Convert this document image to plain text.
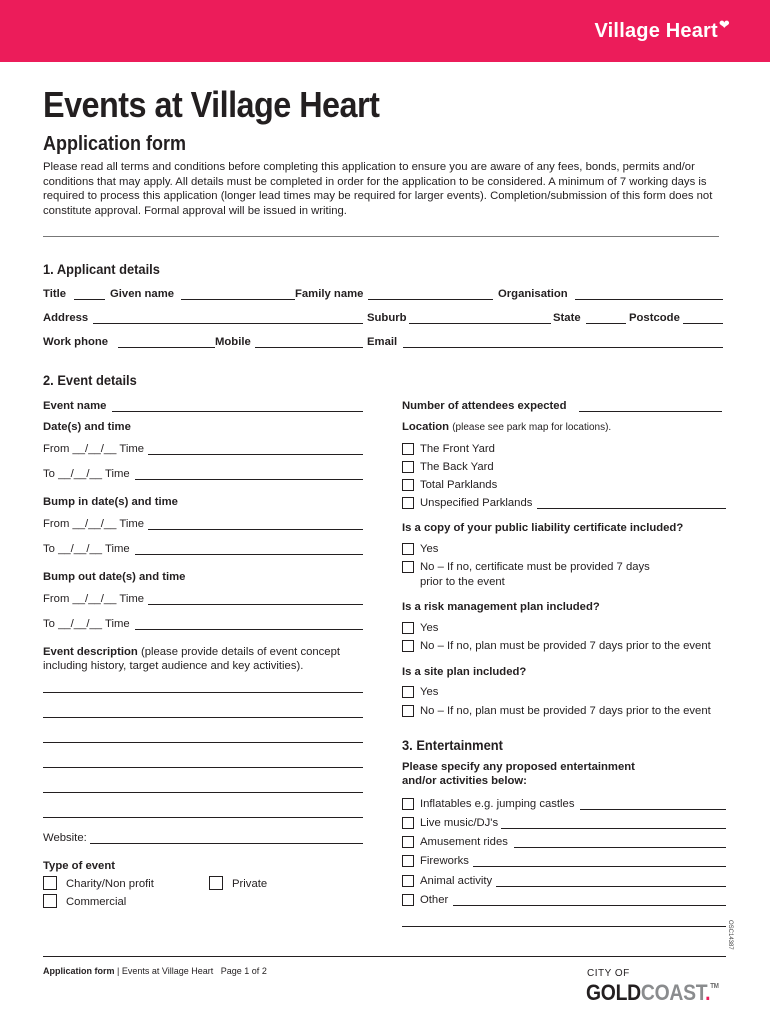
Village Heart❤
Events at Village Heart
Application form

Please read all terms and conditions before completing this application to ensure you are aware of any fees, bonds, permits and/or conditions that may apply. All details must be completed in order for the application to be considered. A minimum of 7 working days is required to process this application (longer lead times may be required for larger events). Completion/submission of this form does not constitute approval. Formal approval will be issued in writing.

1. Applicant details
Title	Given name	Family name	Organisation
Address	Suburb	State	Postcode
Work phone	Mobile	Email
2. Event details
Event name
Date(s) and time
From __/__/__ Time
To __/__/__ Time
Bump in date(s) and time
From __/__/__ Time
To __/__/__ Time
Bump out date(s) and time
From __/__/__ Time
To __/__/__ Time
Event description (please provide details of event concept
including history, target audience and key activities).
Website:
Type of event
Charity/Non profit	Private
Commercial
Number of attendees expected
Location (please see park map for locations).
The Front Yard
The Back Yard
Total Parklands
Unspecified Parklands
Is a copy of your public liability certificate included?
Yes
No – If no, certificate must be provided 7 days
prior to the event
Is a risk management plan included?
Yes
No – If no, plan must be provided 7 days prior to the event
Is a site plan included?
Yes
No – If no, plan must be provided 7 days prior to the event
3. Entertainment
Please specify any proposed entertainment
and/or activities below:
Inflatables e.g. jumping castles
Live music/DJ's
Amusement rides
Fireworks
Animal activity
Other
OSC14387
Application form | Events at Village Heart Page 1 of 2	CITY OF
GOLDCOAST.™
